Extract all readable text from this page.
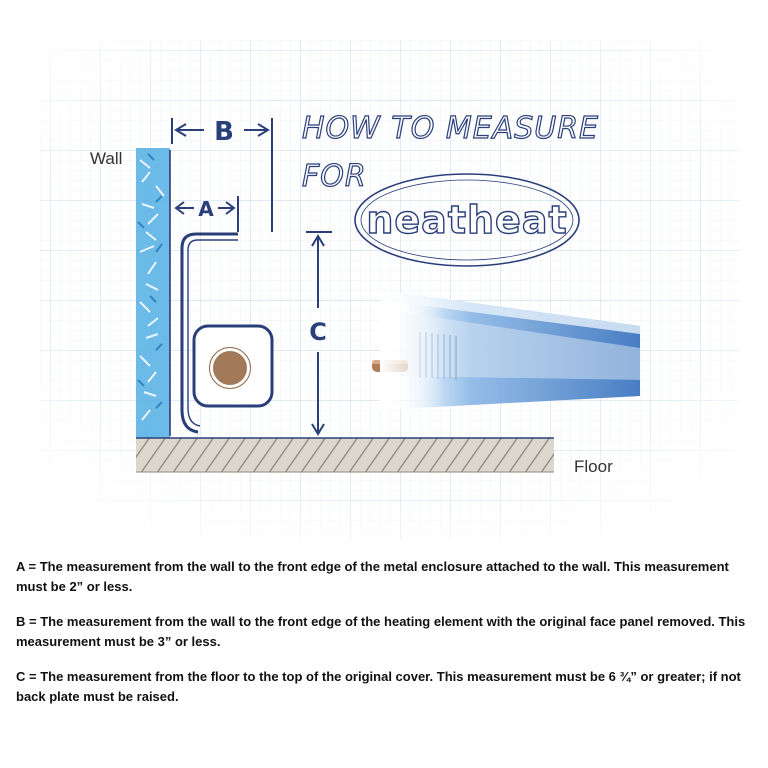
B
A
C
Wall
Floor
HOW TO MEASURE
FOR
neatheat

A = The measurement from the wall to the front edge of the metal enclosure attached to the wall. This measurement must be 2” or less.

B = The measurement from the wall to the front edge of the heating element with the original face panel removed. This measurement must be 3” or less.

C = The measurement from the floor to the top of the original cover. This measurement must be 6 ¾” or greater; if not back plate must be raised.
